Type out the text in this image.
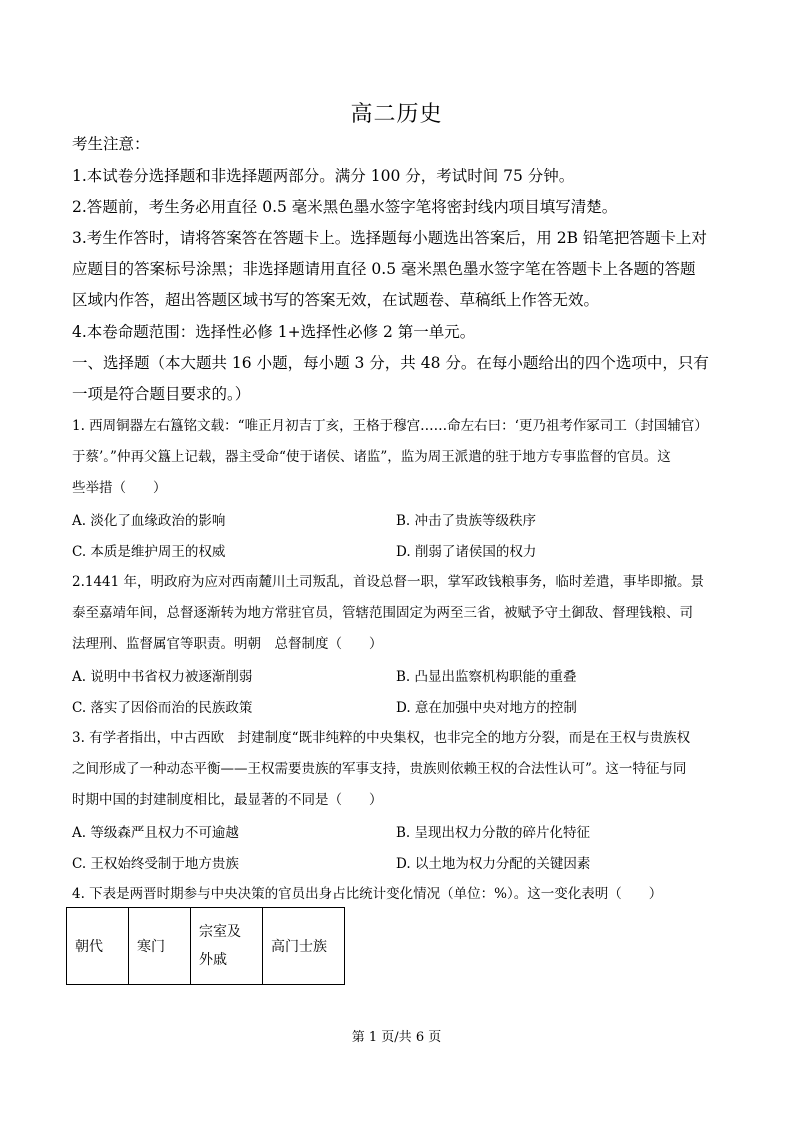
高二历史
考生注意：
1.本试卷分选择题和非选择题两部分。满分 100 分，考试时间 75 分钟。
2.答题前，考生务必用直径 0.5 毫米黑色墨水签字笔将密封线内项目填写清楚。
3.考生作答时，请将答案答在答题卡上。选择题每小题选出答案后，用 2B 铅笔把答题卡上对
应题目的答案标号涂黑；非选择题请用直径 0.5 毫米黑色墨水签字笔在答题卡上各题的答题
区域内作答，超出答题区域书写的答案无效，在试题卷、草稿纸上作答无效。
4.本卷命题范围：选择性必修 1+选择性必修 2 第一单元。
一、选择题（本大题共 16 小题，每小题 3 分，共 48 分。在每小题给出的四个选项中，只有
一项是符合题目要求的。）
1. 西周铜器左右簋铭文载：“唯正月初吉丁亥，王格于穆宫……命左右曰：‘更乃祖考作冢司工（封国辅官）
于蔡’。”仲再父簋上记载，器主受命“使于诸侯、诸监”，监为周王派遣的驻于地方专事监督的官员。这
些举措（　　）
A. 淡化了血缘政治的影响	B. 冲击了贵族等级秩序
C. 本质是维护周王的权威	D. 削弱了诸侯国的权力
2.1441 年，明政府为应对西南麓川土司叛乱，首设总督一职，掌军政钱粮事务，临时差遣，事毕即撤。景
泰至嘉靖年间，总督逐渐转为地方常驻官员，管辖范围固定为两至三省，被赋予守土御敌、督理钱粮、司
法理刑、监督属官等职责。明朝　总督制度（　　）
A. 说明中书省权力被逐渐削弱	B. 凸显出监察机构职能的重叠
C. 落实了因俗而治的民族政策	D. 意在加强中央对地方的控制
3. 有学者指出，中古西欧　封建制度“既非纯粹的中央集权，也非完全的地方分裂，而是在王权与贵族权
之间形成了一种动态平衡——王权需要贵族的军事支持，贵族则依赖王权的合法性认可”。这一特征与同
时期中国的封建制度相比，最显著的不同是（　　）
A. 等级森严且权力不可逾越	B. 呈现出权力分散的碎片化特征
C. 王权始终受制于地方贵族	D. 以土地为权力分配的关键因素
4. 下表是两晋时期参与中央决策的官员出身占比统计变化情况（单位：%）。这一变化表明（　　）
朝代	寒门	宗室及外戚	高门士族
第 1 页/共 6 页
